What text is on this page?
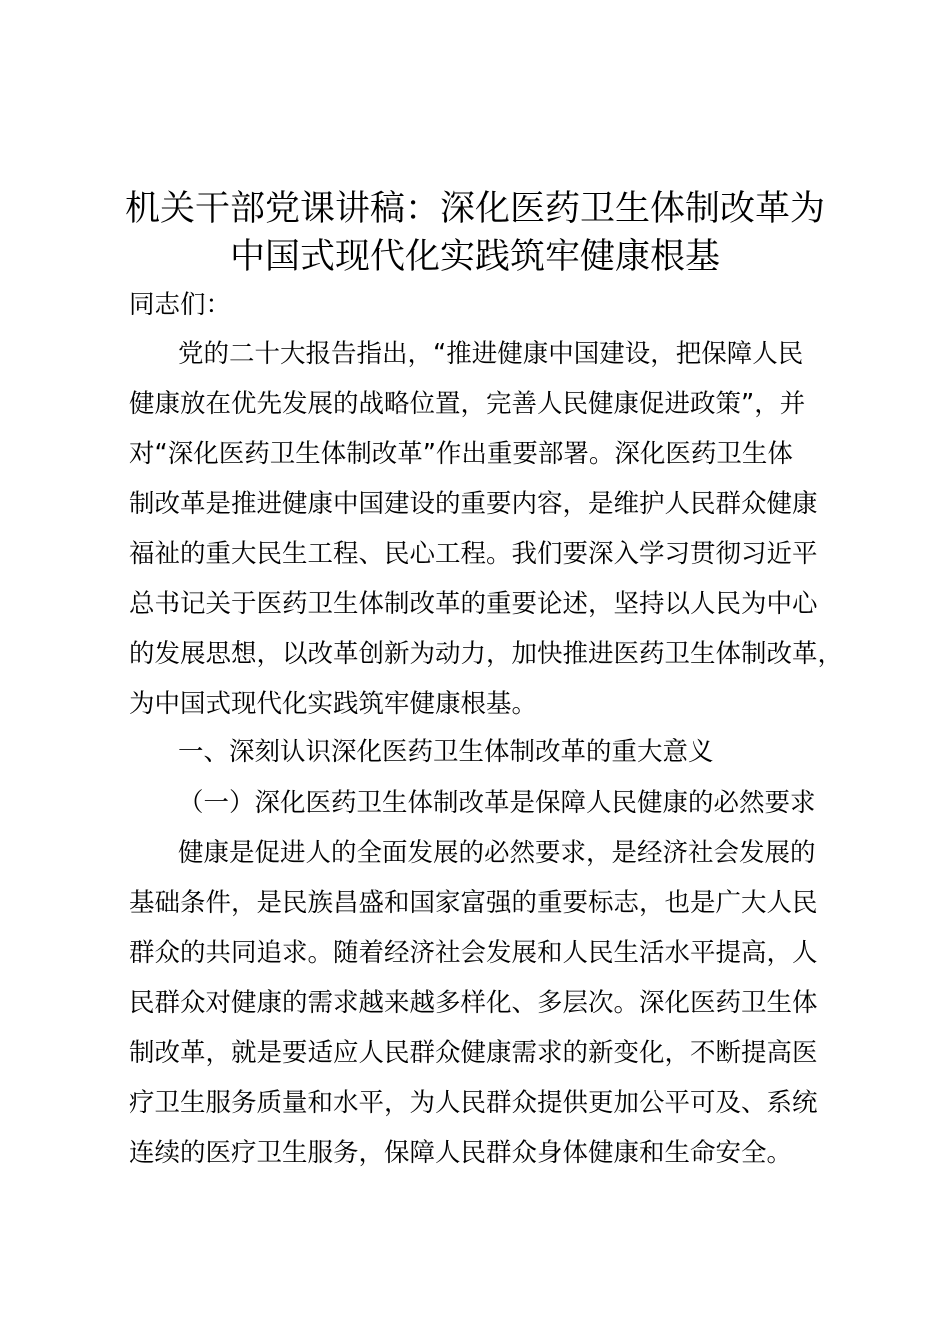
机关干部党课讲稿：深化医药卫生体制改革为
中国式现代化实践筑牢健康根基
同志们：
党的二十大报告指出，“推进健康中国建设，把保障人民
健康放在优先发展的战略位置，完善人民健康促进政策”，并
对“深化医药卫生体制改革”作出重要部署。深化医药卫生体
制改革是推进健康中国建设的重要内容，是维护人民群众健康
福祉的重大民生工程、民心工程。我们要深入学习贯彻习近平
总书记关于医药卫生体制改革的重要论述，坚持以人民为中心
的发展思想，以改革创新为动力，加快推进医药卫生体制改革，
为中国式现代化实践筑牢健康根基。
一、深刻认识深化医药卫生体制改革的重大意义
（一）深化医药卫生体制改革是保障人民健康的必然要求
健康是促进人的全面发展的必然要求，是经济社会发展的
基础条件，是民族昌盛和国家富强的重要标志，也是广大人民
群众的共同追求。随着经济社会发展和人民生活水平提高，人
民群众对健康的需求越来越多样化、多层次。深化医药卫生体
制改革，就是要适应人民群众健康需求的新变化，不断提高医
疗卫生服务质量和水平，为人民群众提供更加公平可及、系统
连续的医疗卫生服务，保障人民群众身体健康和生命安全。
